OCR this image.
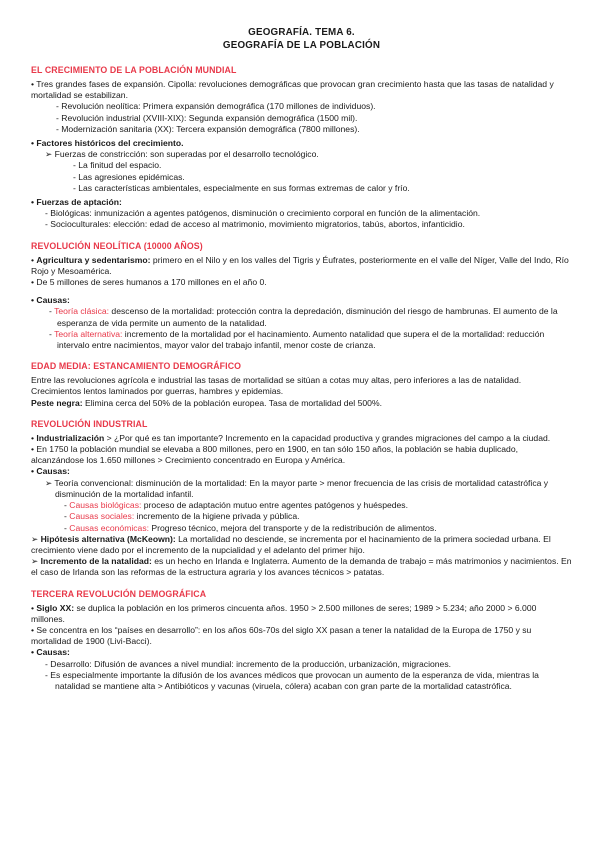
GEOGRAFÍA. TEMA 6.
GEOGRAFÍA DE LA POBLACIÓN
EL CRECIMIENTO DE LA POBLACIÓN MUNDIAL

• Tres grandes fases de expansión. Cipolla: revoluciones demográficas que provocan gran crecimiento hasta que las tasas de natalidad y mortalidad se estabilizan.

- Revolución neolítica: Primera expansión demográfica (170 millones de individuos).

- Revolución industrial (XVIII-XIX): Segunda expansión demográfica (1500 mil).

- Modernización sanitaria (XX): Tercera expansión demográfica (7800 millones).

• Factores históricos del crecimiento.

➢ Fuerzas de constricción: son superadas por el desarrollo tecnológico.

- La finitud del espacio.

- Las agresiones epidémicas.

- Las características ambientales, especialmente en sus formas extremas de calor y frío.

• Fuerzas de aptación:

- Biológicas: inmunización a agentes patógenos, disminución o crecimiento corporal en función de la alimentación.

- Socioculturales: elección: edad de acceso al matrimonio, movimiento migratorios, tabús, abortos, infanticidio.

REVOLUCIÓN NEOLÍTICA (10000 AÑOS)

• Agricultura y sedentarismo: primero en el Nilo y en los valles del Tigris y Éufrates, posteriormente en el valle del Níger, Valle del Indo, Río Rojo y Mesoamérica.

• De 5 millones de seres humanos a 170 millones en el año 0.

• Causas:

- Teoría clásica: descenso de la mortalidad: protección contra la depredación, disminución del riesgo de hambrunas. El aumento de la esperanza de vida permite un aumento de la natalidad.

- Teoría alternativa: incremento de la mortalidad por el hacinamiento. Aumento natalidad que supera el de la mortalidad: reducción intervalo entre nacimientos, mayor valor del trabajo infantil, menor coste de crianza.

EDAD MEDIA: ESTANCAMIENTO DEMOGRÁFICO

Entre las revoluciones agrícola e industrial las tasas de mortalidad se sitúan a cotas muy altas, pero inferiores a las de natalidad. Crecimientos lentos laminados por guerras, hambres y epidemias.

Peste negra: Elimina cerca del 50% de la población europea. Tasa de mortalidad del 500%.

REVOLUCIÓN INDUSTRIAL

• Industrialización > ¿Por qué es tan importante? Incremento en la capacidad productiva y grandes migraciones del campo a la ciudad.

• En 1750 la población mundial se elevaba a 800 millones, pero en 1900, en tan sólo 150 años, la población se habia duplicado, alcanzándose los 1.650 millones > Crecimiento concentrado en Europa y América.

• Causas:

➢ Teoría convencional: disminución de la mortalidad: En la mayor parte > menor frecuencia de las crisis de mortalidad catastrófica y disminución de la mortalidad infantil.

- Causas biológicas: proceso de adaptación mutuo entre agentes patógenos y huéspedes.

- Causas sociales: incremento de la higiene privada y pública.

- Causas económicas: Progreso técnico, mejora del transporte y de la redistribución de alimentos.

➢ Hipótesis alternativa (McKeown): La mortalidad no desciende, se incrementa por el hacinamiento de la primera sociedad urbana. El crecimiento viene dado por el incremento de la nupcialidad y el adelanto del primer hijo.

➢ Incremento de la natalidad: es un hecho en Irlanda e Inglaterra. Aumento de la demanda de trabajo = más matrimonios y nacimientos. En el caso de Irlanda son las reformas de la estructura agraria y los avances técnicos > patatas.

TERCERA REVOLUCIÓN DEMOGRÁFICA

• Siglo XX: se duplica la población en los primeros cincuenta años. 1950 > 2.500 millones de seres; 1989 > 5.234; año 2000 > 6.000 millones.

• Se concentra en los “países en desarrollo”: en los años 60s-70s del siglo XX pasan a tener la natalidad de la Europa de 1750 y su mortalidad de 1900 (Livi-Bacci).

• Causas:

- Desarrollo: Difusión de avances a nivel mundial: incremento de la producción, urbanización, migraciones.

- Es especialmente importante la difusión de los avances médicos que provocan un aumento de la esperanza de vida, mientras la natalidad se mantiene alta > Antibióticos y vacunas (viruela, cólera) acaban con gran parte de la mortalidad catastrófica.
